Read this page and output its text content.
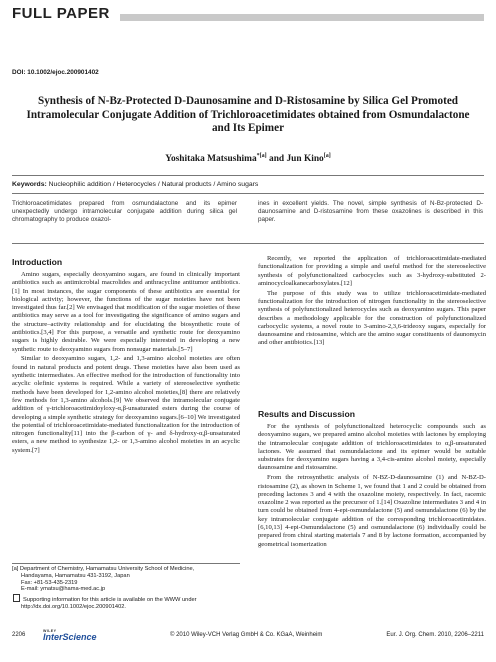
FULL PAPER
DOI: 10.1002/ejoc.200901402
Synthesis of N-Bz-Protected D-Daunosamine and D-Ristosamine by Silica Gel Promoted Intramolecular Conjugate Addition of Trichloroacetimidates obtained from Osmundalactone and Its Epimer
Yoshitaka Matsushima$^{*[a]}$ and Jun Kino[a]
Keywords: Nucleophilic addition / Heterocycles / Natural products / Amino sugars

Trichloroacetimidates prepared from osmundalactone and its epimer unexpectedly undergo intramolecular conjugate addition during silica gel chromatography to produce oxazol-

ines in excellent yields. The novel, simple synthesis of N-Bz-protected D-daunosamine and D-ristosamine from these oxazolines is described in this paper.

Introduction

Amino sugars, especially deoxyamino sugars, are found in clinically important antibiotics such as antimicrobial macrolides and anthracycline antitumor antibiotics.[1] In most instances, the sugar components of these antibiotics are essential for biological activity; however, the functions of the sugar moieties have not been investigated thus far.[2] We envisaged that modification of the sugar moieties of these antibiotics may serve as a tool for investigating the significance of amino sugars and the structure–activity relationship and for elucidating the biosynthetic route of antibiotics.[3,4] For this purpose, a versatile and synthetic route for deoxyamino sugars is highly desirable. We were especially interested in developing a new synthetic route to deoxyamino sugars from nonsugar materials.[5–7]

Similar to deoxyamino sugars, 1,2- and 1,3-amino alcohol moieties are often found in natural products and potent drugs. These moieties have also been used as synthetic intermediates. An effective method for the introduction of functionality into acyclic olefinic systems is required. While a variety of stereoselective synthetic methods have been developed for 1,2-amino alcohol moieties,[8] there are relatively few methods for 1,3-amino alcohols.[9] We observed the intramolecular conjugate addition of γ-trichloroacetimidoyloxy-α,β-unsaturated esters during the course of developing a simple synthetic strategy for deoxyamino sugars.[6–10] We investigated the potential of trichloroacetimidate-mediated functionalization for the introduction of nitrogen functionality[11] into the β-carbon of γ- and δ-hydroxy-α,β-unsaturated esters, a new method to synthesize 1,2- or 1,3-amino alcohol moieties in an acyclic system.[7]

Recently, we reported the application of trichloroacetimidate-mediated functionalization for providing a simple and useful method for the stereoselective synthesis of polyfunctionalized carbocycles such as 3-hydroxy-substituted 2-aminocycloalkanecarboxylates.[12]

The purpose of this study was to utilize trichloroacetimidate-mediated functionalization for the introduction of nitrogen functionality in the stereoselective synthesis of polyfunctionalized heterocycles such as deoxyamino sugars. This paper describes a methodology applicable for the construction of polyfunctionalized carbocyclic systems, a novel route to 3-amino-2,3,6-trideoxy sugars, especially for daunosamine and ristosamine, which are the amino sugar constituents of daunomycin and other antibiotics.[13]

Results and Discussion

For the synthesis of polyfunctionalized heterocyclic compounds such as deoxyamino sugars, we prepared amino alcohol moieties with lactones by employing the intramolecular conjugate addition of trichloroacetimidates to α,β-unsaturated lactones. We assumed that osmundalactone and its epimer would be suitable substrates for deoxyamino sugars having a 3,4-cis-amino alcohol moiety, especially daunosamine and ristosamine.

From the retrosynthetic analysis of N-BZ-D-daunosamine (1) and N-BZ-D-ristosamine (2), as shown in Scheme 1, we found that 1 and 2 could be obtained from preceding lactones 3 and 4 with the oxazoline moiety, respectively. In fact, racemic oxazoline 2 was reported as the precursor of 1.[14] Oxazoline intermediates 3 and 4 in turn could be obtained from 4-epi-osmundalactone (5) and osmundalactone (6) by the key intramolecular conjugate addition of the corresponding trichloroacetimidates.[6,10,13] 4-epi-Osmundalactone (5) and osmundalactone (6) individually could be prepared from chiral starting materials 7 and 8 by lactone formation, accompanied by geometrical isomerization

[a] Department of Chemistry, Hamamatsu University School of Medicine,

Handayama, Hamamatsu 431-3192, Japan

Fax: +81-53-435-2319

E-mail: ymatsu@hama-med.ac.jp

Supporting information for this article is available on the WWW under http://dx.doi.org/10.1002/ejoc.200901402.

2206
WILEY
InterScience	© 2010 Wiley-VCH Verlag GmbH & Co. KGaA, Weinheim	Eur. J. Org. Chem. 2010, 2206–2211
